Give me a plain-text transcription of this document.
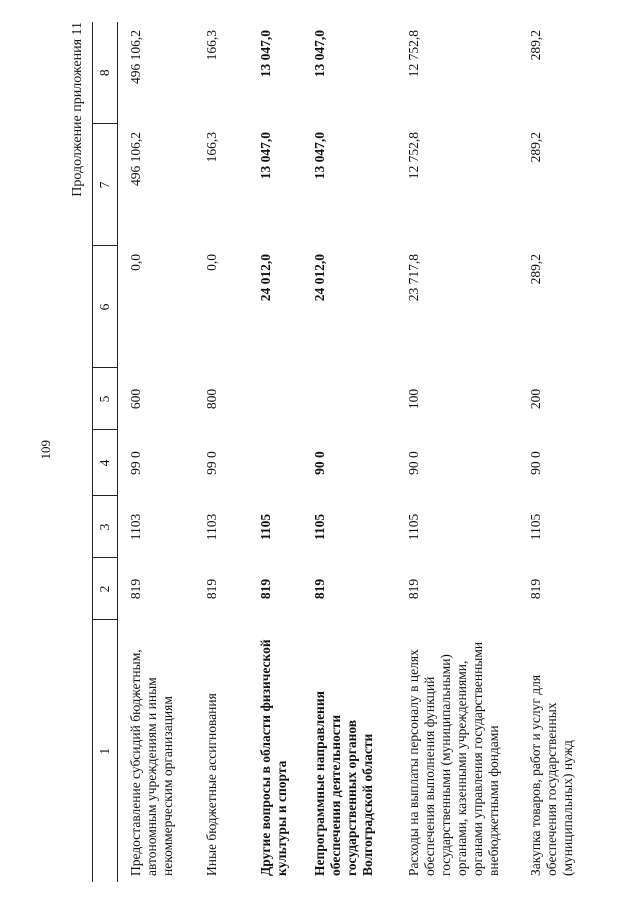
109
Продолжение приложения 11
1	2	3	4	5	6	7	8
Предоставление субсидий бюджетным, автономным учреждениям и иным некоммерческим организациям	819	1103	99 0	600	0,0	496 106,2	496 106,2
Иные бюджетные ассигнования	819	1103	99 0	800	0,0	166,3	166,3
Другие вопросы в области физической культуры и спорта	819	1105			24 012,0	13 047,0	13 047,0
Непрограммные направления обеспечения деятельности государственных органов Волгоградской области	819	1105	90 0		24 012,0	13 047,0	13 047,0
Расходы на выплаты персоналу в целях обеспечения выполнения функций государственными (муниципальными) органами, казенными учреждениями, органами управления государственными внебюджетными фондами	819	1105	90 0	100	23 717,8	12 752,8	12 752,8
Закупка товаров, работ и услуг для обеспечения государственных (муниципальных) нужд	819	1105	90 0	200	289,2	289,2	289,2
